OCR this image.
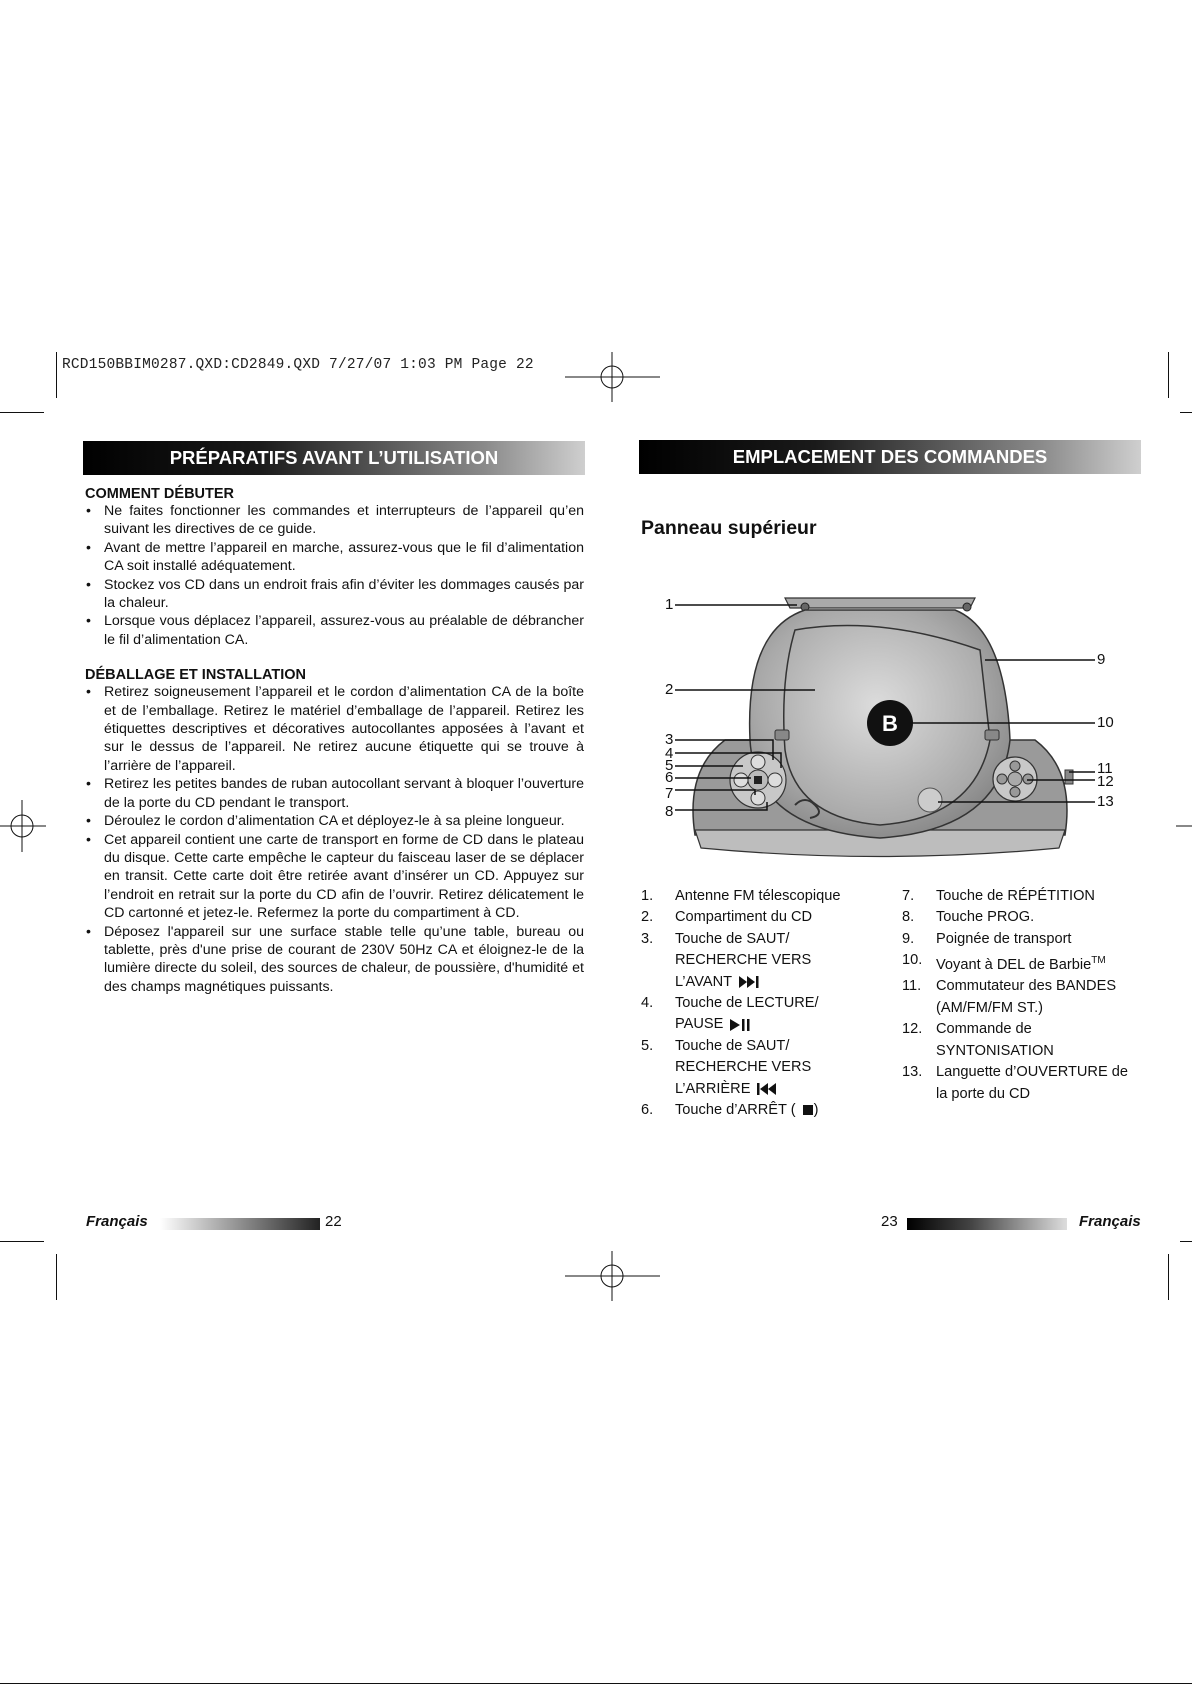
RCD150BBIM0287.QXD:CD2849.QXD 7/27/07 1:03 PM Page 22
PRÉPARATIFS AVANT L’UTILISATION
COMMENT DÉBUTER
• Ne faites fonctionner les commandes et interrupteurs de l’appareil qu’en suivant les directives de ce guide.
• Avant de mettre l’appareil en marche, assurez-vous que le fil d’alimentation CA soit installé adéquatement.
• Stockez vos CD dans un endroit frais afin d’éviter les dommages causés par la chaleur.
• Lorsque vous déplacez l’appareil, assurez-vous au préalable de débrancher le fil d’alimentation CA.
DÉBALLAGE ET INSTALLATION
• Retirez soigneusement l’appareil et le cordon d’alimentation CA de la boîte et de l’emballage. Retirez le matériel d’emballage de l’appareil. Retirez les étiquettes descriptives et décoratives autocollantes apposées à l’avant et sur le dessus de l’appareil. Ne retirez aucune étiquette qui se trouve à l’arrière de l’appareil.
• Retirez les petites bandes de ruban autocollant servant à bloquer l’ouverture de la porte du CD pendant le transport.
• Déroulez le cordon d’alimentation CA et déployez-le à sa pleine longueur.
• Cet appareil contient une carte de transport en forme de CD dans le plateau du disque. Cette carte empêche le capteur du faisceau laser de se déplacer en transit. Cette carte doit être retirée avant d’insérer un CD. Appuyez sur l’endroit en retrait sur la porte du CD afin de l’ouvrir. Retirez délicatement le CD cartonné et jetez-le. Refermez la porte du compartiment à CD.
• Déposez l'appareil sur une surface stable telle qu’une table, bureau ou tablette, près d'une prise de courant de 230V 50Hz CA et éloignez-le de la lumière directe du soleil, des sources de chaleur, de poussière, d'humidité et des champs magnétiques puissants.
Français	22
EMPLACEMENT DES COMMANDES
Panneau supérieur
B
1
2
3
4
5
6
7
8
9
10
11
12
13
1.	Antenne FM télescopique
2.	Compartiment du CD
3.	Touche de SAUT/
RECHERCHE VERS
L’AVANT
4.	Touche de LECTURE/
PAUSE
5.	Touche de SAUT/
RECHERCHE VERS
L’ARRIÈRE
6.	Touche d’ARRÊT ( )
7.	Touche de RÉPÉTITION
8.	Touche PROG.
9.	Poignée de transport
10. Voyant à DEL de Barbie™
11.	Commutateur des BANDES
(AM/FM/FM ST.)
12. Commande de
SYNTONISATION
13. Languette d’OUVERTURE de
la porte du CD
23	Français
